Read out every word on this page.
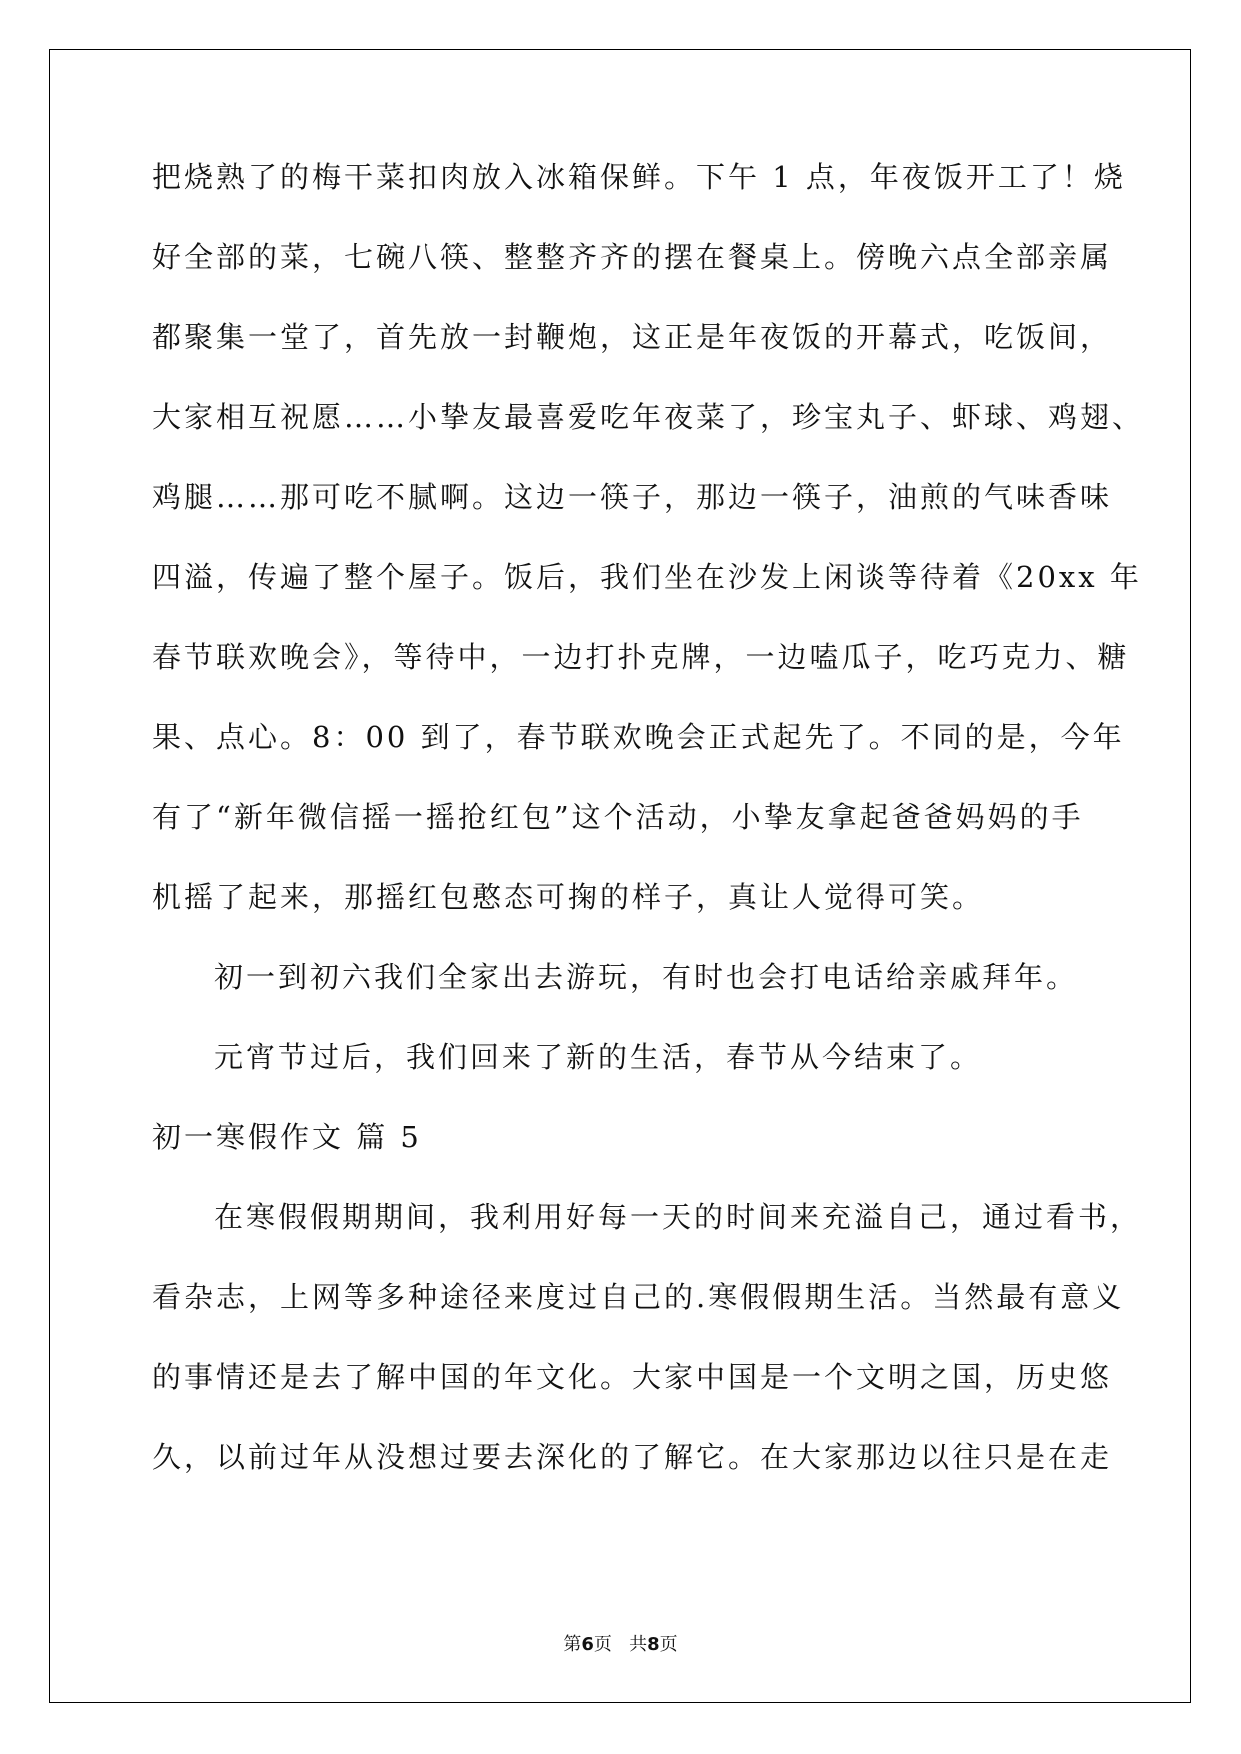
把烧熟了的梅干菜扣肉放入冰箱保鲜。下午 1 点，年夜饭开工了！烧
好全部的菜，七碗八筷、整整齐齐的摆在餐桌上。傍晚六点全部亲属
都聚集一堂了，首先放一封鞭炮，这正是年夜饭的开幕式，吃饭间，
大家相互祝愿……小挚友最喜爱吃年夜菜了，珍宝丸子、虾球、鸡翅、
鸡腿……那可吃不腻啊。这边一筷子，那边一筷子，油煎的气味香味
四溢，传遍了整个屋子。饭后，我们坐在沙发上闲谈等待着《20xx 年
春节联欢晚会》，等待中，一边打扑克牌，一边嗑瓜子，吃巧克力、糖
果、点心。8：00 到了，春节联欢晚会正式起先了。不同的是，今年
有了“新年微信摇一摇抢红包”这个活动，小挚友拿起爸爸妈妈的手
机摇了起来，那摇红包憨态可掬的样子，真让人觉得可笑。
初一到初六我们全家出去游玩，有时也会打电话给亲戚拜年。
元宵节过后，我们回来了新的生活，春节从今结束了。
初一寒假作文 篇 5
在寒假假期期间，我利用好每一天的时间来充溢自己，通过看书，
看杂志，上网等多种途径来度过自己的.寒假假期生活。当然最有意义
的事情还是去了解中国的年文化。大家中国是一个文明之国，历史悠
久，以前过年从没想过要去深化的了解它。在大家那边以往只是在走
第6页 共8页
